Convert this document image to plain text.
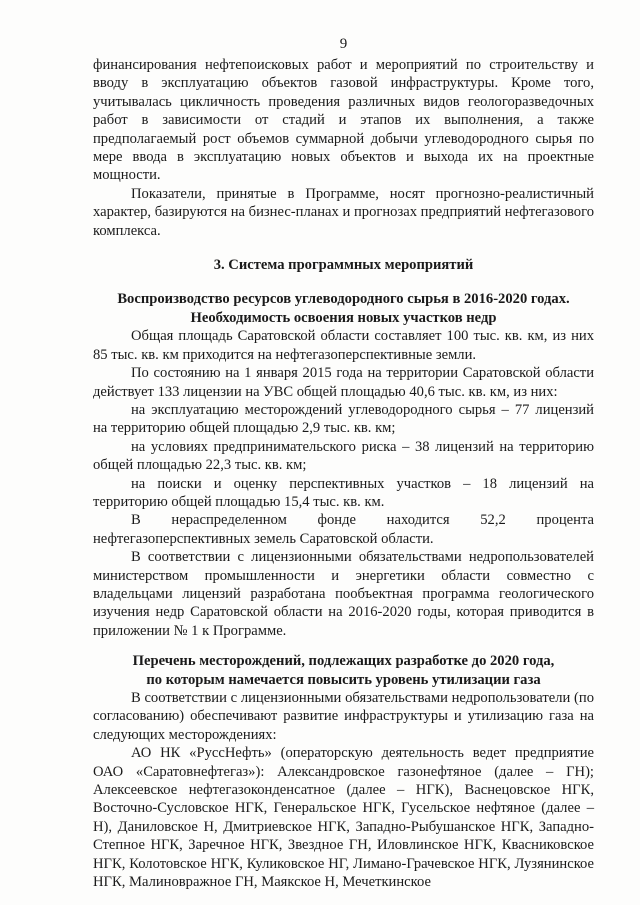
9

финансирования нефтепоисковых работ и мероприятий по строительству и вводу в эксплуатацию объектов газовой инфраструктуры. Кроме того, учитывалась цикличность проведения различных видов геологоразведочных работ в зависимости от стадий и этапов их выполнения, а также предполагаемый рост объемов суммарной добычи углеводородного сырья по мере ввода в эксплуатацию новых объектов и выхода их на проектные мощности.

Показатели, принятые в Программе, носят прогнозно-реалистичный характер, базируются на бизнес-планах и прогнозах предприятий нефтегазового комплекса.

3. Система программных мероприятий
Воспроизводство ресурсов углеводородного сырья в 2016-2020 годах.
Необходимость освоения новых участков недр

Общая площадь Саратовской области составляет 100 тыс. кв. км, из них 85 тыс. кв. км приходится на нефтегазоперспективные земли.

По состоянию на 1 января 2015 года на территории Саратовской области действует 133 лицензии на УВС общей площадью 40,6 тыс. кв. км, из них:

на эксплуатацию месторождений углеводородного сырья – 77 лицензий на территорию общей площадью 2,9 тыс. кв. км;

на условиях предпринимательского риска – 38 лицензий на территорию общей площадью 22,3 тыс. кв. км;

на поиски и оценку перспективных участков – 18 лицензий на территорию общей площадью 15,4 тыс. кв. км.

В нераспределенном фонде находится 52,2 процента нефтегазоперспективных земель Саратовской области.

В соответствии с лицензионными обязательствами недропользователей министерством промышленности и энергетики области совместно с владельцами лицензий разработана пообъектная программа геологического изучения недр Саратовской области на 2016-2020 годы, которая приводится в приложении № 1 к Программе.

Перечень месторождений, подлежащих разработке до 2020 года,
по которым намечается повысить уровень утилизации газа

В соответствии с лицензионными обязательствами недропользователи (по согласованию) обеспечивают развитие инфраструктуры и утилизацию газа на следующих месторождениях:

АО НК «РуссНефть» (операторскую деятельность ведет предприятие ОАО «Саратовнефтегаз»): Александровское газонефтяное (далее – ГН); Алексеевское нефтегазоконденсатное (далее – НГК), Васнецовское НГК, Восточно-Сусловское НГК, Генеральское НГК, Гусельское нефтяное (далее – Н), Даниловское Н, Дмитриевское НГК, Западно-Рыбушанское НГК, Западно-Степное НГК, Заречное НГК, Звездное ГН, Иловлинское НГК, Квасниковское НГК, Колотовское НГК, Куликовское НГ, Лимано-Грачевское НГК, Лузянинское НГК, Малиновражное ГН, Маякское Н, Мечеткинское
